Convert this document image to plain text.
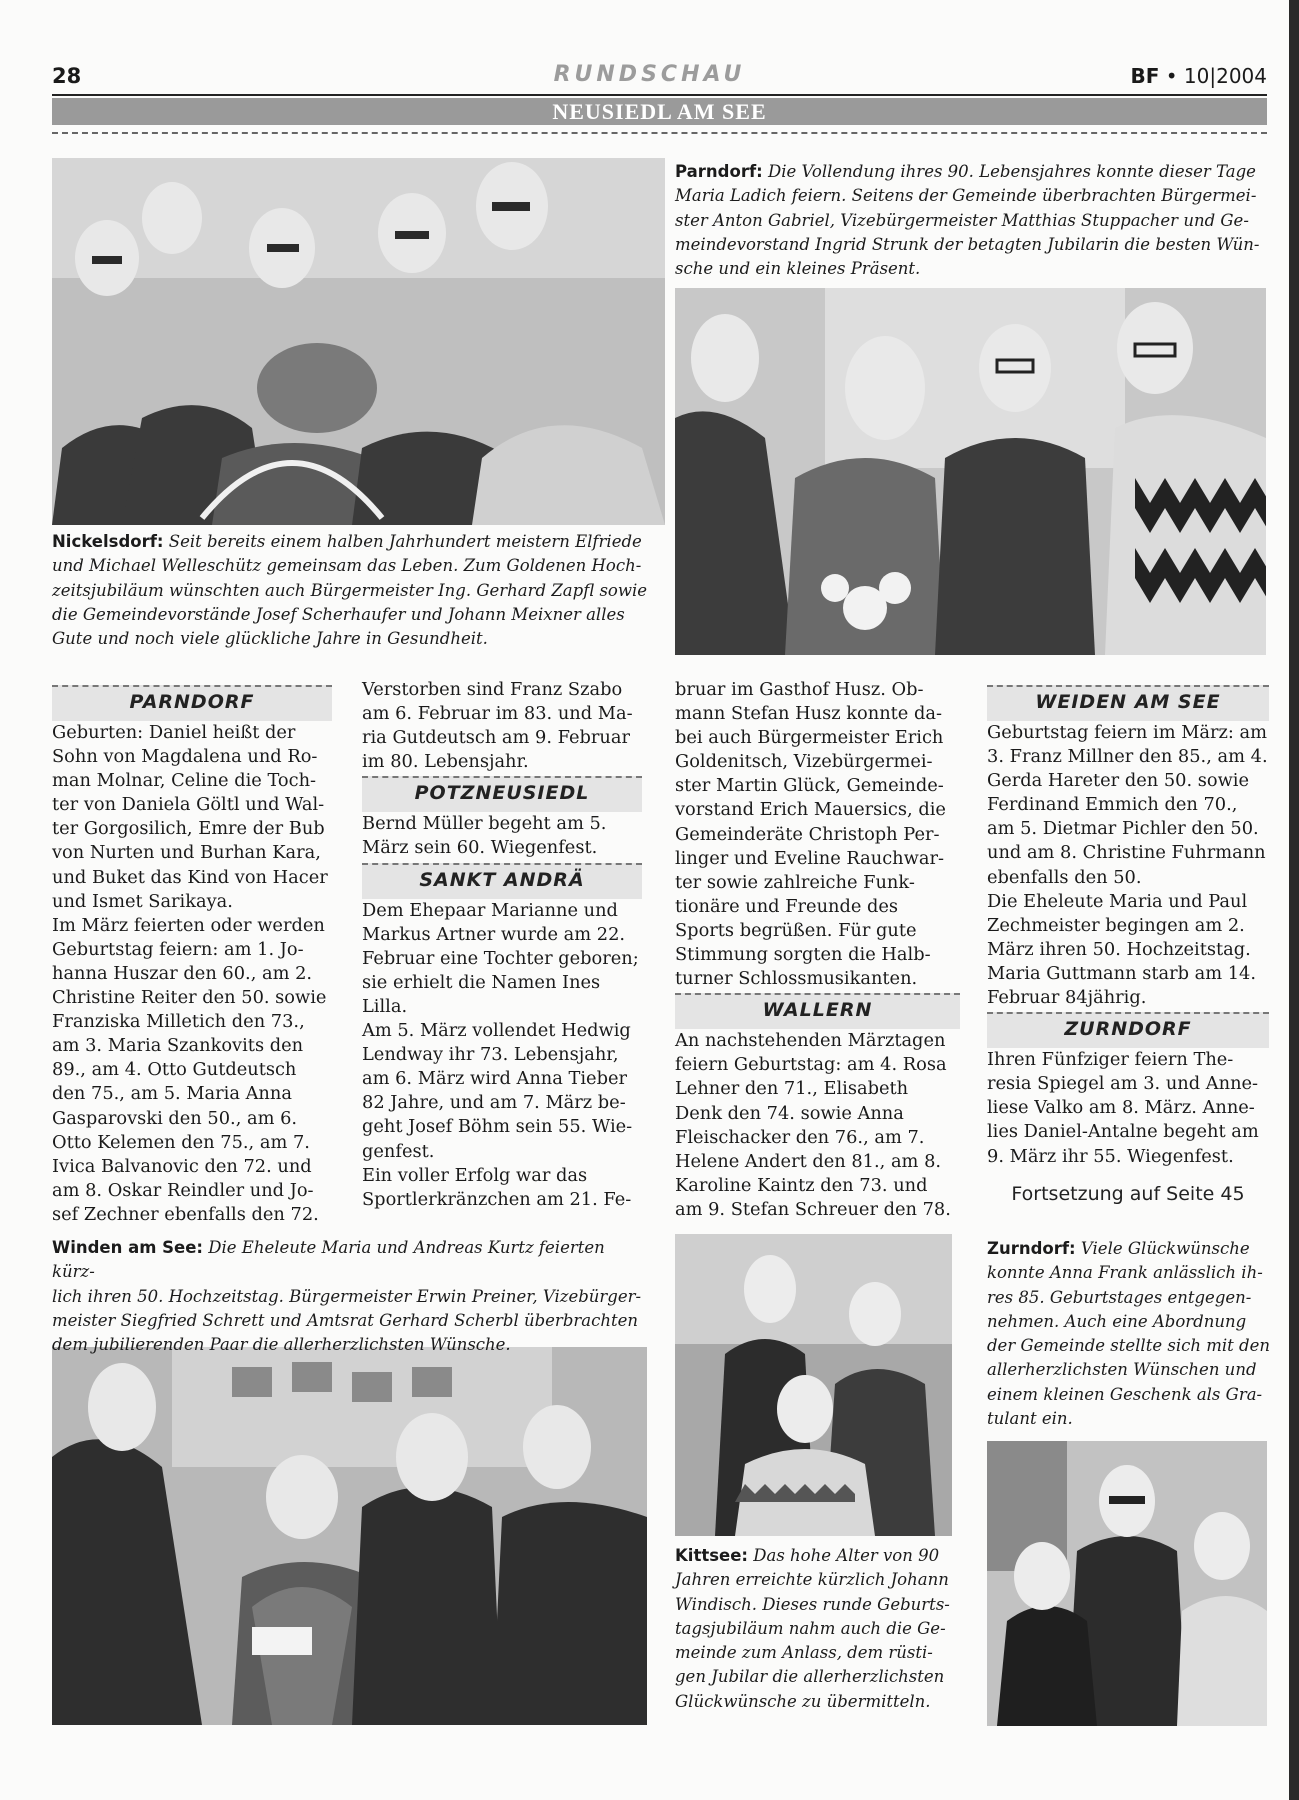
28	RUNDSCHAU	BF • 10|2004
NEUSIEDL AM SEE

Nickelsdorf: Seit bereits einem halben Jahrhundert meistern Elfriede

und Michael Welleschütz gemeinsam das Leben. Zum Goldenen Hoch-

zeitsjubiläum wünschten auch Bürgermeister Ing. Gerhard Zapfl sowie

die Gemeindevorstände Josef Scherhaufer und Johann Meixner alles

Gute und noch viele glückliche Jahre in Gesundheit.

Parndorf: Die Vollendung ihres 90. Lebensjahres konnte dieser Tage

Maria Ladich feiern. Seitens der Gemeinde überbrachten Bürgermei-

ster Anton Gabriel, Vizebürgermeister Matthias Stuppacher und Ge-

meindevorstand Ingrid Strunk der betagten Jubilarin die besten Wün-

sche und ein kleines Präsent.

Winden am See: Die Eheleute Maria und Andreas Kurtz feierten kürz-

lich ihren 50. Hochzeitstag. Bürgermeister Erwin Preiner, Vizebürger-

meister Siegfried Schrett und Amtsrat Gerhard Scherbl überbrachten

dem jubilierenden Paar die allerherzlichsten Wünsche.

Kittsee: Das hohe Alter von 90

Jahren erreichte kürzlich Johann

Windisch. Dieses runde Geburts-

tagsjubiläum nahm auch die Ge-

meinde zum Anlass, dem rüsti-

gen Jubilar die allerherzlichsten

Glückwünsche zu übermitteln.

Zurndorf: Viele Glückwünsche

konnte Anna Frank anlässlich ih-

res 85. Geburtstages entgegen-

nehmen. Auch eine Abordnung

der Gemeinde stellte sich mit den

allerherzlichsten Wünschen und

einem kleinen Geschenk als Gra-

tulant ein.

PARNDORF

Geburten: Daniel heißt der

Sohn von Magdalena und Ro-

man Molnar, Celine die Toch-

ter von Daniela Göltl und Wal-

ter Gorgosilich, Emre der Bub

von Nurten und Burhan Kara,

und Buket das Kind von Hacer

und Ismet Sarikaya.

Im März feierten oder werden

Geburtstag feiern: am 1. Jo-

hanna Huszar den 60., am 2.

Christine Reiter den 50. sowie

Franziska Milletich den 73.,

am 3. Maria Szankovits den

89., am 4. Otto Gutdeutsch

den 75., am 5. Maria Anna

Gasparovski den 50., am 6.

Otto Kelemen den 75., am 7.

Ivica Balvanovic den 72. und

am 8. Oskar Reindler und Jo-

sef Zechner ebenfalls den 72.

Verstorben sind Franz Szabo

am 6. Februar im 83. und Ma-

ria Gutdeutsch am 9. Februar

im 80. Lebensjahr.

POTZNEUSIEDL

Bernd Müller begeht am 5.

März sein 60. Wiegenfest.

SANKT ANDRÄ

Dem Ehepaar Marianne und

Markus Artner wurde am 22.

Februar eine Tochter geboren;

sie erhielt die Namen Ines

Lilla.

Am 5. März vollendet Hedwig

Lendway ihr 73. Lebensjahr,

am 6. März wird Anna Tieber

82 Jahre, und am 7. März be-

geht Josef Böhm sein 55. Wie-

genfest.

Ein voller Erfolg war das

Sportlerkränzchen am 21. Fe-

bruar im Gasthof Husz. Ob-

mann Stefan Husz konnte da-

bei auch Bürgermeister Erich

Goldenitsch, Vizebürgermei-

ster Martin Glück, Gemeinde-

vorstand Erich Mauersics, die

Gemeinderäte Christoph Per-

linger und Eveline Rauchwar-

ter sowie zahlreiche Funk-

tionäre und Freunde des

Sports begrüßen. Für gute

Stimmung sorgten die Halb-

turner Schlossmusikanten.

WALLERN

An nachstehenden Märztagen

feiern Geburtstag: am 4. Rosa

Lehner den 71., Elisabeth

Denk den 74. sowie Anna

Fleischacker den 76., am 7.

Helene Andert den 81., am 8.

Karoline Kaintz den 73. und

am 9. Stefan Schreuer den 78.

WEIDEN AM SEE

Geburtstag feiern im März: am

3. Franz Millner den 85., am 4.

Gerda Hareter den 50. sowie

Ferdinand Emmich den 70.,

am 5. Dietmar Pichler den 50.

und am 8. Christine Fuhrmann

ebenfalls den 50.

Die Eheleute Maria und Paul

Zechmeister begingen am 2.

März ihren 50. Hochzeitstag.

Maria Guttmann starb am 14.

Februar 84jährig.

ZURNDORF

Ihren Fünfziger feiern The-

resia Spiegel am 3. und Anne-

liese Valko am 8. März. Anne-

lies Daniel-Antalne begeht am

9. März ihr 55. Wiegenfest.

Fortsetzung auf Seite 45
